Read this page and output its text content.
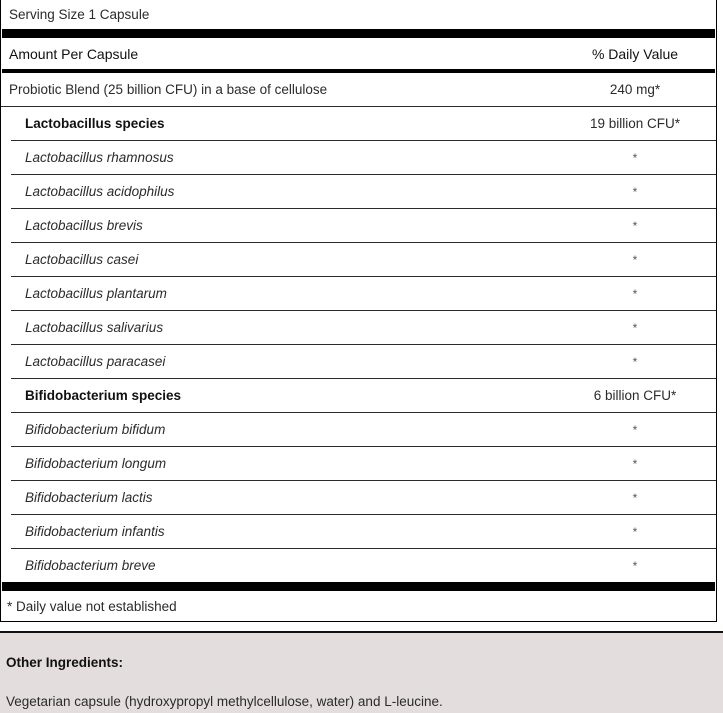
Serving Size 1 Capsule
Amount Per Capsule	% Daily Value
Probiotic Blend (25 billion CFU) in a base of cellulose	240 mg*

Lactobacillus species	19 billion CFU*

Lactobacillus rhamnosus	*

Lactobacillus acidophilus	*

Lactobacillus brevis	*

Lactobacillus casei	*

Lactobacillus plantarum	*

Lactobacillus salivarius	*

Lactobacillus paracasei	*

Bifidobacterium species	6 billion CFU*

Bifidobacterium bifidum	*

Bifidobacterium longum	*

Bifidobacterium lactis	*

Bifidobacterium infantis	*

Bifidobacterium breve	*
* Daily value not established
Other Ingredients:
Vegetarian capsule (hydroxypropyl methylcellulose, water) and L-leucine.
